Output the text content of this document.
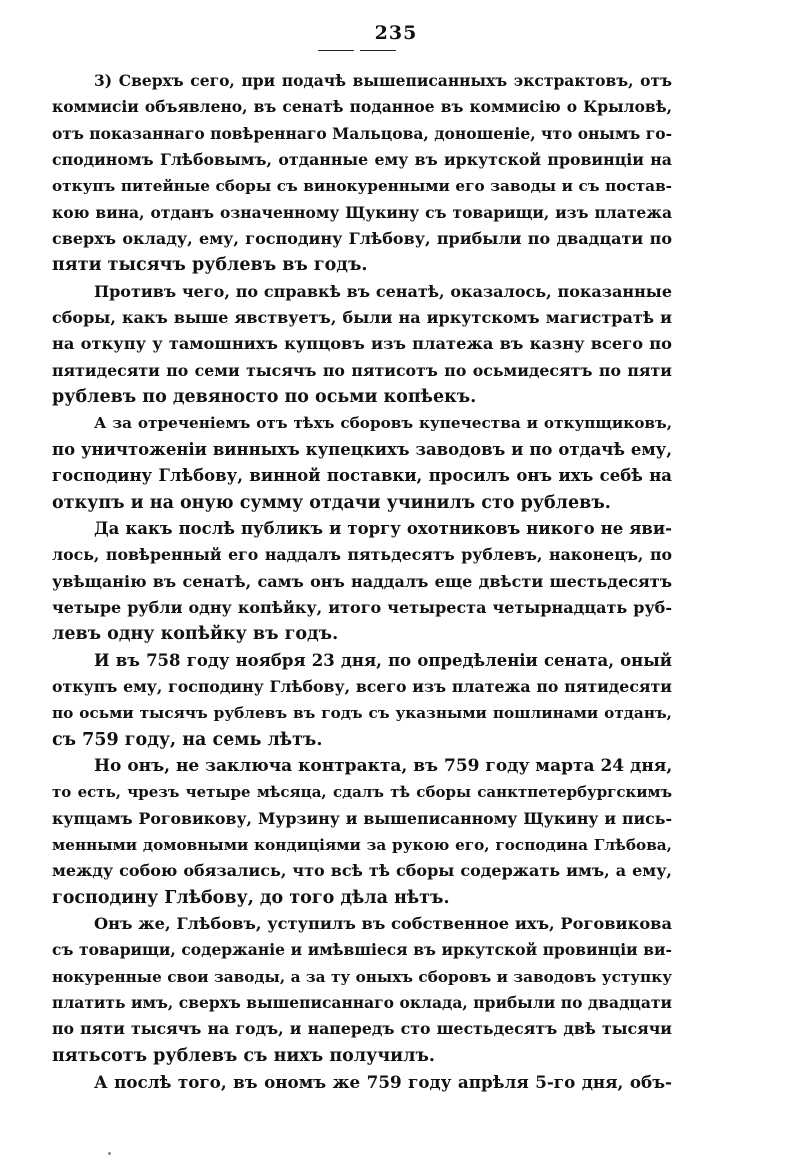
235
3) Сверхъ сего, при подачѣ вышеписанныхъ экстрактовъ, отъ
коммисіи объявлено, въ сенатѣ поданное въ коммисію о Крыловѣ,
отъ показаннаго повѣреннаго Мальцова, доношеніе, что онымъ го-
сподиномъ Глѣбовымъ, отданные ему въ иркутской провинціи на
откупъ питейные сборы съ винокуренными его заводы и съ постав-
кою вина, отданъ означенному Щукину съ товарищи, изъ платежа
сверхъ окладу, ему, господину Глѣбову, прибыли по двадцати по
пяти тысячъ рублевъ въ годъ.
Противъ чего, по справкѣ въ сенатѣ, оказалось, показанные
сборы, какъ выше явствуетъ, были на иркутскомъ магистратѣ и
на откупу у тамошнихъ купцовъ изъ платежа въ казну всего по
пятидесяти по семи тысячъ по пятисотъ по осьмидесятъ по пяти
рублевъ по девяносто по осьми копѣекъ.
А за отреченіемъ отъ тѣхъ сборовъ купечества и откупщиковъ,
по уничтоженіи винныхъ купецкихъ заводовъ и по отдачѣ ему,
господину Глѣбову, винной поставки, просилъ онъ ихъ себѣ на
откупъ и на оную сумму отдачи учинилъ сто рублевъ.
Да какъ послѣ публикъ и торгу охотниковъ никого не яви-
лось, повѣренный его наддалъ пятьдесятъ рублевъ, наконецъ, по
увѣщанію въ сенатѣ, самъ онъ наддалъ еще двѣсти шестьдесятъ
четыре рубли одну копѣйку, итого четыреста четырнадцать руб-
левъ одну копѣйку въ годъ.
И въ 758 году ноября 23 дня, по опредѣленіи сената, оный
откупъ ему, господину Глѣбову, всего изъ платежа по пятидесяти
по осьми тысячъ рублевъ въ годъ съ указными пошлинами отданъ,
съ 759 году, на семь лѣтъ.
Но онъ, не заключа контракта, въ 759 году марта 24 дня,
то есть, чрезъ четыре мѣсяца, сдалъ тѣ сборы санктпетербургскимъ
купцамъ Роговикову, Мурзину и вышеписанному Щукину и пись-
менными домовными кондиціями за рукою его, господина Глѣбова,
между собою обязались, что всѣ тѣ сборы содержать имъ, а ему,
господину Глѣбову, до того дѣла нѣтъ.
Онъ же, Глѣбовъ, уступилъ въ собственное ихъ, Роговикова
съ товарищи, содержаніе и имѣвшіеся въ иркутской провинціи ви-
нокуренные свои заводы, а за ту оныхъ сборовъ и заводовъ уступку
платить имъ, сверхъ вышеписаннаго оклада, прибыли по двадцати
по пяти тысячъ на годъ, и напередъ сто шестьдесятъ двѣ тысячи
пятьсотъ рублевъ съ нихъ получилъ.
А послѣ того, въ ономъ же 759 году апрѣля 5-го дня, объ-
